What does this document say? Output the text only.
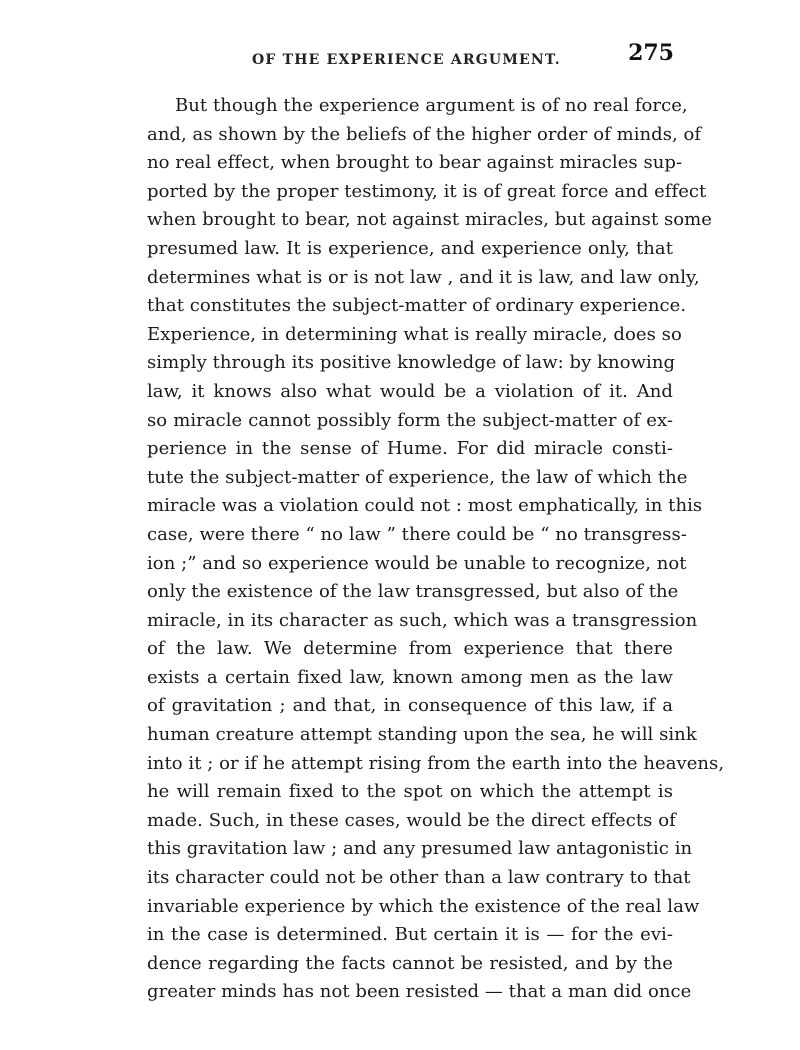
OF THE EXPERIENCE ARGUMENT.	275
But though the experience argument is of no real force,
and, as shown by the beliefs of the higher order of minds, of
no real effect, when brought to bear against miracles sup-
ported by the proper testimony, it is of great force and effect
when brought to bear, not against miracles, but against some
presumed law. It is experience, and experience only, that
determines what is or is not law , and it is law, and law only,
that constitutes the subject-matter of ordinary experience.
Experience, in determining what is really miracle, does so
simply through its positive knowledge of law: by knowing
law, it knows also what would be a violation of it. And
so miracle cannot possibly form the subject-matter of ex-
perience in the sense of Hume. For did miracle consti-
tute the subject-matter of experience, the law of which the
miracle was a violation could not : most emphatically, in this
case, were there “ no law ” there could be “ no transgress-
ion ;” and so experience would be unable to recognize, not
only the existence of the law transgressed, but also of the
miracle, in its character as such, which was a transgression
of the law. We determine from experience that there
exists a certain fixed law, known among men as the law
of gravitation ; and that, in consequence of this law, if a
human creature attempt standing upon the sea, he will sink
into it ; or if he attempt rising from the earth into the heavens,
he will remain fixed to the spot on which the attempt is
made. Such, in these cases, would be the direct effects of
this gravitation law ; and any presumed law antagonistic in
its character could not be other than a law contrary to that
invariable experience by which the existence of the real law
in the case is determined. But certain it is — for the evi-
dence regarding the facts cannot be resisted, and by the
greater minds has not been resisted — that a man did once
